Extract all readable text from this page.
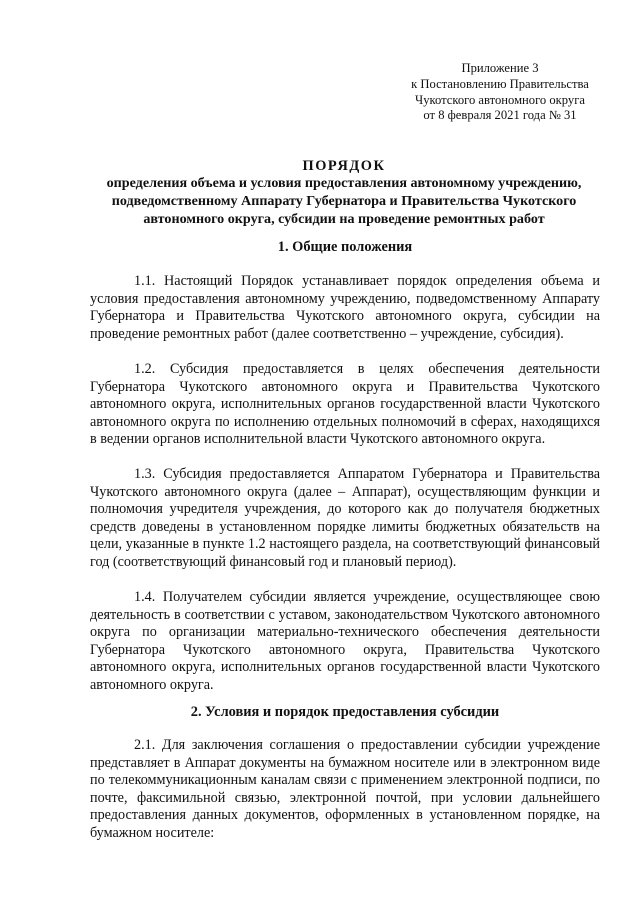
Приложение 3
к Постановлению Правительства
Чукотского автономного округа
от 8 февраля 2021 года № 31
ПОРЯДОК
определения объема и условия предоставления автономному учреждению,
подведомственному Аппарату Губернатора и Правительства Чукотского
автономного округа, субсидии на проведение ремонтных работ
1. Общие положения
1.1. Настоящий Порядок устанавливает порядок определения объема и условия предоставления автономному учреждению, подведомственному Аппарату Губернатора и Правительства Чукотского автономного округа, субсидии на проведение ремонтных работ (далее соответственно – учреждение, субсидия).
1.2. Субсидия предоставляется в целях обеспечения деятельности Губернатора Чукотского автономного округа и Правительства Чукотского автономного округа, исполнительных органов государственной власти Чукотского автономного округа по исполнению отдельных полномочий в сферах, находящихся в ведении органов исполнительной власти Чукотского автономного округа.
1.3. Субсидия предоставляется Аппаратом Губернатора и Правительства Чукотского автономного округа (далее – Аппарат), осуществляющим функции и полномочия учредителя учреждения, до которого как до получателя бюджетных средств доведены в установленном порядке лимиты бюджетных обязательств на цели, указанные в пункте 1.2 настоящего раздела, на соответствующий финансовый год (соответствующий финансовый год и плановый период).
1.4. Получателем субсидии является учреждение, осуществляющее свою деятельность в соответствии с уставом, законодательством Чукотского автономного округа по организации материально-технического обеспечения деятельности Губернатора Чукотского автономного округа, Правительства Чукотского автономного округа, исполнительных органов государственной власти Чукотского автономного округа.
2. Условия и порядок предоставления субсидии
2.1. Для заключения соглашения о предоставлении субсидии учреждение представляет в Аппарат документы на бумажном носителе или в электронном виде по телекоммуникационным каналам связи с применением электронной подписи, по почте, факсимильной связью, электронной почтой, при условии дальнейшего предоставления данных документов, оформленных в установленном порядке, на бумажном носителе:
